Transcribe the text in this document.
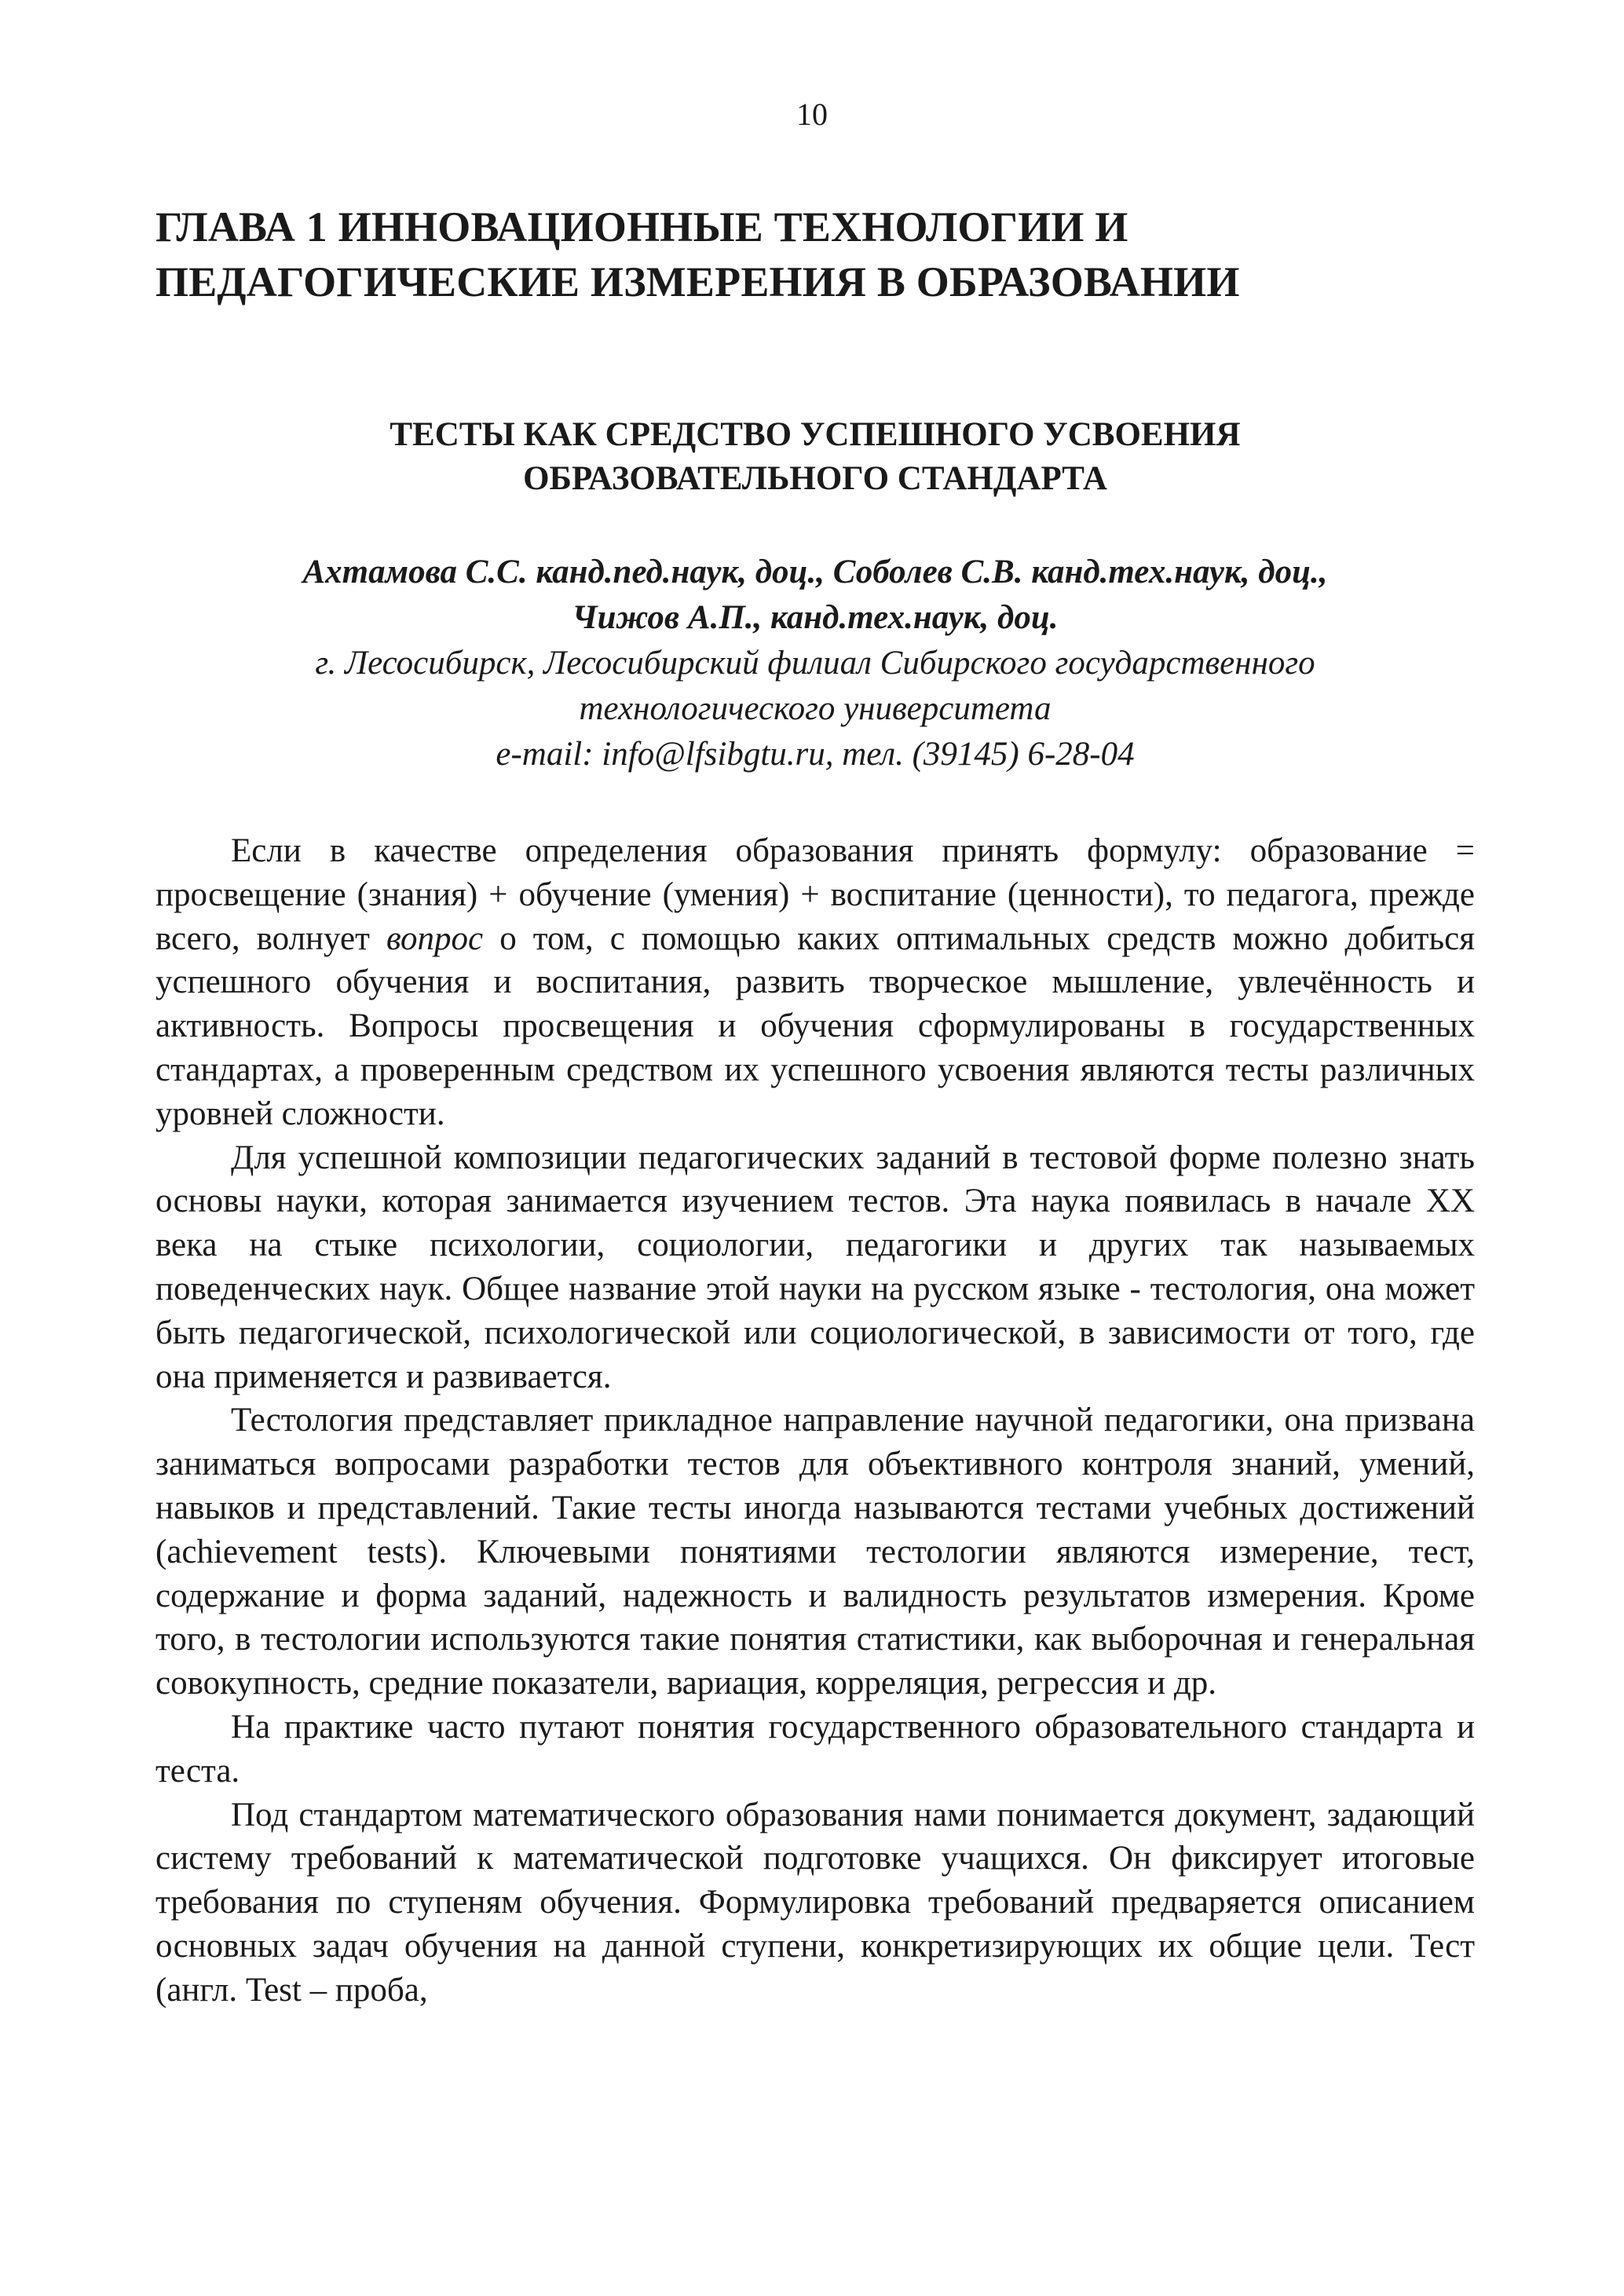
10
ГЛАВА 1 ИННОВАЦИОННЫЕ ТЕХНОЛОГИИ И
ПЕДАГОГИЧЕСКИЕ ИЗМЕРЕНИЯ В ОБРАЗОВАНИИ
ТЕСТЫ КАК СРЕДСТВО УСПЕШНОГО УСВОЕНИЯ
ОБРАЗОВАТЕЛЬНОГО СТАНДАРТА
Ахтамова С.С. канд.пед.наук, доц., Соболев С.В. канд.тех.наук, доц.,
Чижов А.П., канд.тех.наук, доц.
г. Лесосибирск, Лесосибирский филиал Сибирского государственного
технологического университета
e-mail: info@lfsibgtu.ru, тел. (39145) 6-28-04

Если в качестве определения образования принять формулу: образование = просвещение (знания) + обучение (умения) + воспитание (ценности), то педагога, прежде всего, волнует вопрос о том, с помощью каких оптимальных средств можно добиться успешного обучения и воспитания, развить творческое мышление, увлечённость и активность. Вопросы просвещения и обучения сформулированы в государственных стандартах, а проверенным средством их успешного усвоения являются тесты различных уровней сложности.

Для успешной композиции педагогических заданий в тестовой форме полезно знать основы науки, которая занимается изучением тестов. Эта наука появилась в начале XX века на стыке психологии, социологии, педагогики и других так называемых поведенческих наук. Общее название этой науки на русском языке - тестология, она может быть педагогической, психологической или социологической, в зависимости от того, где она применяется и развивается.

Тестология представляет прикладное направление научной педагогики, она призвана заниматься вопросами разработки тестов для объективного контроля знаний, умений, навыков и представлений. Такие тесты иногда называются тестами учебных достижений (achievement tests). Ключевыми понятиями тестологии являются измерение, тест, содержание и форма заданий, надежность и валидность результатов измерения. Кроме того, в тестологии используются такие понятия статистики, как выборочная и генеральная совокупность, средние показатели, вариация, корреляция, регрессия и др.

На практике часто путают понятия государственного образовательного стандарта и теста.

Под стандартом математического образования нами понимается документ, задающий систему требований к математической подготовке учащихся. Он фиксирует итоговые требования по ступеням обучения. Формулировка требований предваряется описанием основных задач обучения на данной ступени, конкретизирующих их общие цели. Тест (англ. Test – проба,
